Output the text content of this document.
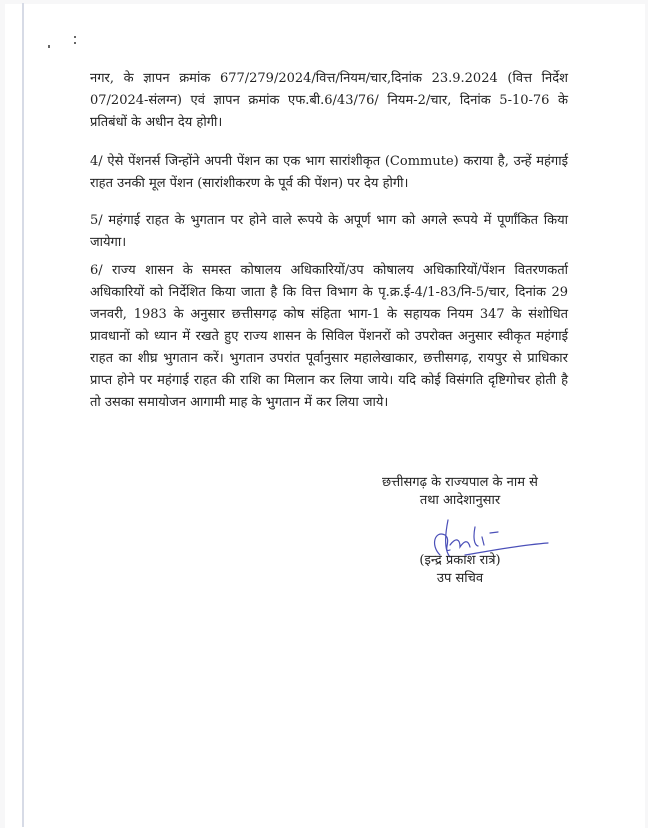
नगर, के ज्ञापन क्रमांक 677/279/2024/वित्त/नियम/चार,दिनांक 23.9.2024 (वित्त निर्देश 07/2024-संलग्न) एवं ज्ञापन क्रमांक एफ.बी.6/43/76/ नियम-2/चार, दिनांक 5-10-76 के प्रतिबंधों के अधीन देय होगी।

4/ ऐसे पेंशनर्स जिन्होंने अपनी पेंशन का एक भाग सारांशीकृत (Commute) कराया है, उन्हें महंगाई राहत उनकी मूल पेंशन (सारांशीकरण के पूर्व की पेंशन) पर देय होगी।

5/ महंगाई राहत के भुगतान पर होने वाले रूपये के अपूर्ण भाग को अगले रूपये में पूर्णांकित किया जायेगा।

6/ राज्य शासन के समस्त कोषालय अधिकारियों/उप कोषालय अधिकारियों/पेंशन वितरणकर्ता अधिकारियों को निर्देशित किया जाता है कि वित्त विभाग के पृ.क्र.ई-4/1-83/नि-5/चार, दिनांक 29 जनवरी, 1983 के अनुसार छत्तीसगढ़ कोष संहिता भाग-1 के सहायक नियम 347 के संशोधित प्रावधानों को ध्यान में रखते हुए राज्य शासन के सिविल पेंशनरों को उपरोक्त अनुसार स्वीकृत महंगाई राहत का शीघ्र भुगतान करें। भुगतान उपरांत पूर्वानुसार महालेखाकार, छत्तीसगढ़, रायपुर से प्राधिकार प्राप्त होने पर महंगाई राहत की राशि का मिलान कर लिया जाये। यदि कोई विसंगति दृष्टिगोचर होती है तो उसका समायोजन आगामी माह के भुगतान में कर लिया जाये।

छत्तीसगढ़ के राज्यपाल के नाम से
तथा आदेशानुसार
(इन्द्र प्रकाश रात्रे)
उप सचिव
